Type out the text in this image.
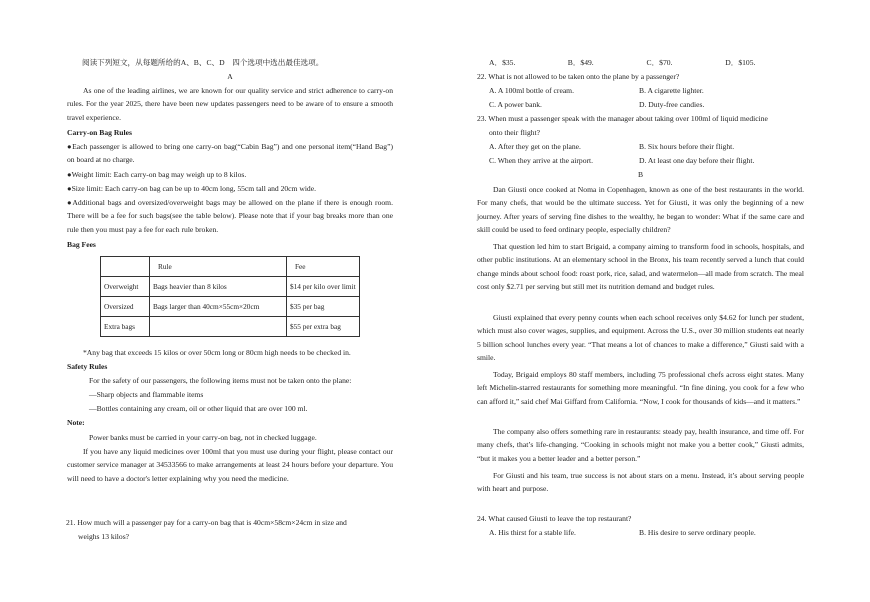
阅读下列短文，从每题所给的A、B、C、D　四个选项中选出最佳选项。

A

As one of the leading airlines, we are known for our quality service and strict adherence to carry-on rules. For the year 2025, there have been new updates passengers need to be aware of to ensure a smooth travel experience.

Carry-on Bag Rules

●Each passenger is allowed to bring one carry-on bag(“Cabin Bag”) and one personal item(“Hand Bag”) on board at no charge.

●Weight limit: Each carry-on bag may weigh up to 8 kilos.

●Size limit: Each carry-on bag can be up to 40cm long, 55cm tall and 20cm wide.

●Additional bags and oversized/overweight bags may be allowed on the plane if there is enough room. There will be a fee for such bags(see the table below). Please note that if your bag breaks more than one rule then you must pay a fee for each rule broken.

Bag Fees

	Rule	Fee
Overweight	Bags heavier than 8 kilos	$14 per kilo over limit
Oversized	Bags larger than 40cm×55cm×20cm	$35 per bag
Extra bags		$55 per extra bag

*Any bag that exceeds 15 kilos or over 50cm long or 80cm high needs to be checked in.

Safety Rules

For the safety of our passengers, the following items must not be taken onto the plane:

—Sharp objects and flammable items

—Bottles containing any cream, oil or other liquid that are over 100 ml.

Note:

Power banks must be carried in your carry-on bag, not in checked luggage.

If you have any liquid medicines over 100ml that you must use during your flight, please contact our customer service manager at 34533566 to make arrangements at least 24 hours before your departure. You will need to have a doctor's letter explaining why you need the medicine.

21. How much will a passenger pay for a carry-on bag that is 40cm×58cm×24cm in size and

weighs 13 kilos?

A．$35.	B．$49.	C．$70.	D．$105.

22. What is not allowed to be taken onto the plane by a passenger?

A. A 100ml bottle of cream.	B. A cigarette lighter.
C. A power bank.	D. Duty-free candies.

23. When must a passenger speak with the manager about taking over 100ml of liquid medicine

onto their flight?

A. After they get on the plane.	B. Six hours before their flight.
C. When they arrive at the airport.	D. At least one day before their flight.

B

Dan Giusti once cooked at Noma in Copenhagen, known as one of the best restaurants in the world. For many chefs, that would be the ultimate success. Yet for Giusti, it was only the beginning of a new journey. After years of serving fine dishes to the wealthy, he began to wonder: What if the same care and skill could be used to feed ordinary people, especially children?

That question led him to start Brigaid, a company aiming to transform food in schools, hospitals, and other public institutions. At an elementary school in the Bronx, his team recently served a lunch that could change minds about school food: roast pork, rice, salad, and watermelon—all made from scratch. The meal cost only $2.71 per serving but still met its nutrition demand and budget rules.

Giusti explained that every penny counts when each school receives only $4.62 for lunch per student, which must also cover wages, supplies, and equipment. Across the U.S., over 30 million students eat nearly 5 billion school lunches every year. “That means a lot of chances to make a difference,” Giusti said with a smile.

Today, Brigaid employs 80 staff members, including 75 professional chefs across eight states. Many left Michelin-starred restaurants for something more meaningful. “In fine dining, you cook for a few who can afford it,” said chef Mai Giffard from California. “Now, I cook for thousands of kids—and it matters.”

The company also offers something rare in restaurants: steady pay, health insurance, and time off. For many chefs, that’s life-changing. “Cooking in schools might not make you a better cook,” Giusti admits, “but it makes you a better leader and a better person.”

For Giusti and his team, true success is not about stars on a menu. Instead, it’s about serving people with heart and purpose.

24. What caused Giusti to leave the top restaurant?

A. His thirst for a stable life.	B. His desire to serve ordinary people.
